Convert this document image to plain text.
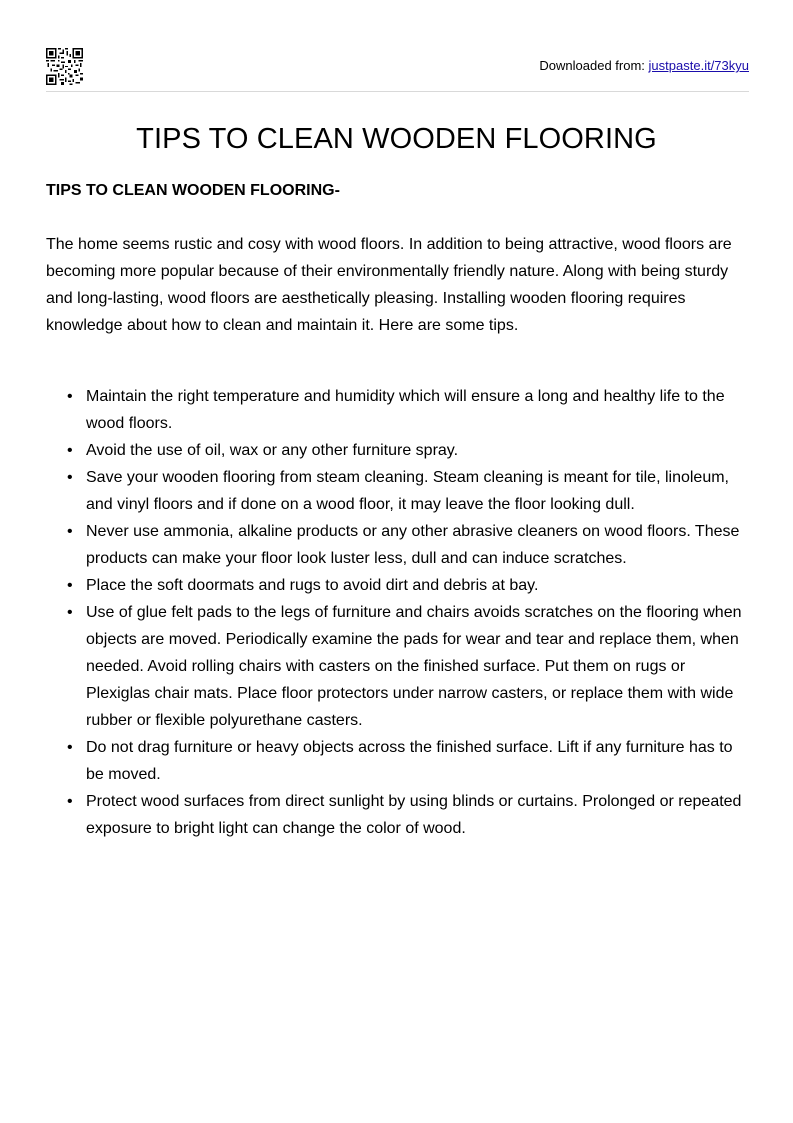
Downloaded from: justpaste.it/73kyu
TIPS TO CLEAN WOODEN FLOORING
TIPS TO CLEAN WOODEN FLOORING-

The home seems rustic and cosy with wood floors. In addition to being attractive, wood floors are becoming more popular because of their environmentally friendly nature. Along with being sturdy and long-lasting, wood floors are aesthetically pleasing. Installing wooden flooring requires knowledge about how to clean and maintain it. Here are some tips.

• Maintain the right temperature and humidity which will ensure a long and healthy life to the wood floors.
• Avoid the use of oil, wax or any other furniture spray.
• Save your wooden flooring from steam cleaning. Steam cleaning is meant for tile, linoleum, and vinyl floors and if done on a wood floor, it may leave the floor looking dull.
• Never use ammonia, alkaline products or any other abrasive cleaners on wood floors. These products can make your floor look luster less, dull and can induce scratches.
• Place the soft doormats and rugs to avoid dirt and debris at bay.
• Use of glue felt pads to the legs of furniture and chairs avoids scratches on the flooring when objects are moved. Periodically examine the pads for wear and tear and replace them, when needed. Avoid rolling chairs with casters on the finished surface. Put them on rugs or Plexiglas chair mats. Place floor protectors under narrow casters, or replace them with wide rubber or flexible polyurethane casters.
• Do not drag furniture or heavy objects across the finished surface. Lift if any furniture has to be moved.
• Protect wood surfaces from direct sunlight by using blinds or curtains. Prolonged or repeated exposure to bright light can change the color of wood.
